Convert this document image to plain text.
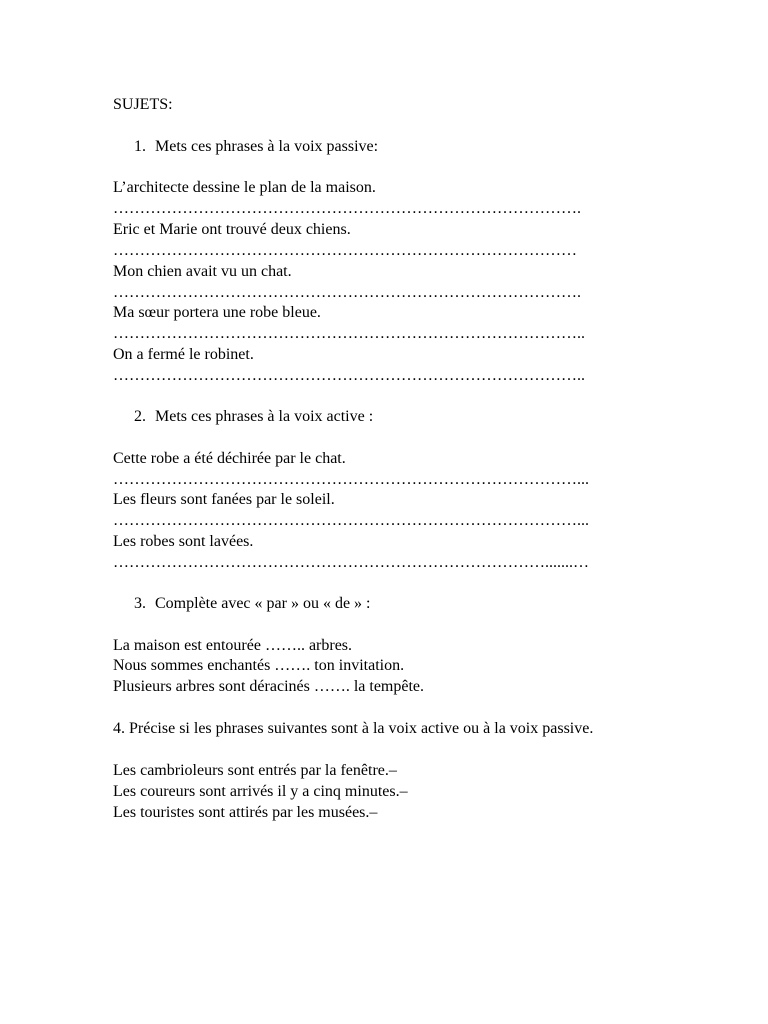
SUJETS:
1. Mets ces phrases à la voix passive:
L’architecte dessine le plan de la maison.
…………………………………………………………………………….
Eric et Marie ont trouvé deux chiens.
……………………………………………………………………………
Mon chien avait vu un chat.
…………………………………………………………………………….
Ma sœur portera une robe bleue.
……………………………………………………………………………..
On a fermé le robinet.
……………………………………………………………………………..
2. Mets ces phrases à la voix active :
Cette robe a été déchirée par le chat.
……………………………………………………………………………...
Les fleurs sont fanées par le soleil.
……………………………………………………………………………...
Les robes sont lavées.
……………………………………………………………………….......…
3. Complète avec « par » ou « de » :
La maison est entourée …….. arbres.
Nous sommes enchantés ……. ton invitation.
Plusieurs arbres sont déracinés ……. la tempête.
4. Précise si les phrases suivantes sont à la voix active ou à la voix passive.
Les cambrioleurs sont entrés par la fenêtre.–
Les coureurs sont arrivés il y a cinq minutes.–
Les touristes sont attirés par les musées.–
